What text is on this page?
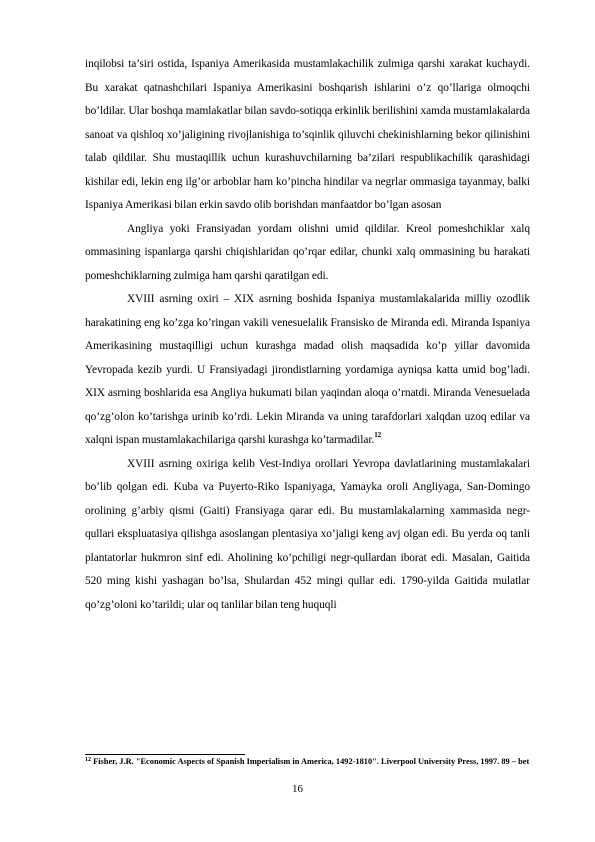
inqilobsi ta’siri ostida, Ispaniya Amerikasida mustamlakachilik zulmiga qarshi xarakat kuchaydi. Bu xarakat qatnashchilari Ispaniya Amerikasini boshqarish ishlarini o’z qo’llariga olmoqchi bo’ldilar. Ular boshqa mamlakatlar bilan savdo-sotiqqa erkinlik berilishini xamda mustamlakalarda sanoat va qishloq xo’jaligining rivojlanishiga to’sqinlik qiluvchi chekinishlarning bekor qilinishini talab qildilar. Shu mustaqillik uchun kurashuvchilarning ba’zilari respublikachilik qarashidagi kishilar edi, lekin eng ilg’or arboblar ham ko’pincha hindilar va negrlar ommasiga tayanmay, balki Ispaniya Amerikasi bilan erkin savdo olib borishdan manfaatdor bo’lgan asosan

Angliya yoki Fransiyadan yordam olishni umid qildilar. Kreol pomeshchiklar xalq ommasining ispanlarga qarshi chiqishlaridan qo’rqar edilar, chunki xalq ommasining bu harakati pomeshchiklarning zulmiga ham qarshi qaratilgan edi.

XVIII asrning oxiri – XIX asrning boshida Ispaniya mustamlakalarida milliy ozodlik harakatining eng ko’zga ko’ringan vakili venesuelalik Fransisko de Miranda edi. Miranda Ispaniya Amerikasining mustaqilligi uchun kurashga madad olish maqsadida ko’p yillar davomida Yevropada kezib yurdi. U Fransiyadagi jirondistlarning yordamiga ayniqsa katta umid bog’ladi. XIX asrning boshlarida esa Angliya hukumati bilan yaqindan aloqa o’rnatdi. Miranda Venesuelada qo’zg’olon ko’tarishga urinib ko’rdi. Lekin Miranda va uning tarafdorlari xalqdan uzoq edilar va xalqni ispan mustamlakachilariga qarshi kurashga ko’tarmadilar.$^{12}$

XVIII asrning oxiriga kelib Vest-Indiya orollari Yevropa davlatlarining mustamlakalari bo’lib qolgan edi. Kuba va Puyerto-Riko Ispaniyaga, Yamayka oroli Angliyaga, San-Domingo orolining g’arbiy qismi (Gaiti) Fransiyaga qarar edi. Bu mustamlakalarning xammasida negr-qullari ekspluatasiya qilishga asoslangan plentasiya xo’jaligi keng avj olgan edi. Bu yerda oq tanli plantatorlar hukmron sinf edi. Aholining ko’pchiligi negr-qullardan iborat edi. Masalan, Gaitida 520 ming kishi yashagan bo’lsa, Shulardan 452 mingi qullar edi. 1790-yilda Gaitida mulatlar qo’zg’oloni ko’tarildi; ular oq tanlilar bilan teng huquqli

$^{12}$ Fisher, J.R. "Economic Aspects of Spanish Imperialism in America, 1492-1810". Liverpool University Press, 1997. 89 – bet

16
